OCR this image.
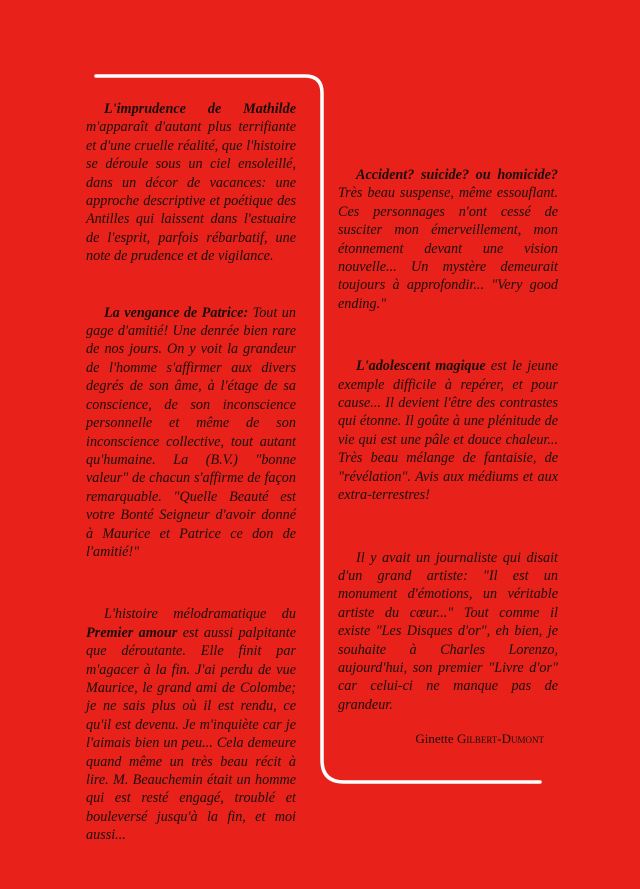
L'imprudence de Mathilde m'apparaît d'autant plus terrifiante et d'une cruelle réalité, que l'histoire se déroule sous un ciel ensoleillé, dans un décor de vacances: une approche descriptive et poétique des Antilles qui laissent dans l'estuaire de l'esprit, parfois rébarbatif, une note de prudence et de vigilance.

La vengance de Patrice: Tout un gage d'amitié! Une denrée bien rare de nos jours. On y voit la grandeur de l'homme s'affirmer aux divers degrés de son âme, à l'étage de sa conscience, de son inconscience personnelle et même de son inconscience collective, tout autant qu'humaine. La (B.V.) "bonne valeur" de chacun s'affirme de façon remarquable. "Quelle Beauté est votre Bonté Seigneur d'avoir donné à Maurice et Patrice ce don de l'amitié!"

L'histoire mélodramatique du Premier amour est aussi palpitante que déroutante. Elle finit par m'agacer à la fin. J'ai perdu de vue Maurice, le grand ami de Colombe; je ne sais plus où il est rendu, ce qu'il est devenu. Je m'inquiète car je l'aimais bien un peu... Cela demeure quand même un très beau récit à lire. M. Beauchemin était un homme qui est resté engagé, troublé et bouleversé jusqu'à la fin, et moi aussi...

Accident? suicide? ou homicide? Très beau suspense, même essouflant. Ces personnages n'ont cessé de susciter mon émerveillement, mon étonnement devant une vision nouvelle... Un mystère demeurait toujours à approfondir... "Very good ending."

L'adolescent magique est le jeune exemple difficile à repérer, et pour cause... Il devient l'être des contrastes qui étonne. Il goûte à une plénitude de vie qui est une pâle et douce chaleur... Très beau mélange de fantaisie, de "révélation". Avis aux médiums et aux extra-terrestres!

Il y avait un journaliste qui disait d'un grand artiste: "Il est un monument d'émotions, un véritable artiste du cœur..." Tout comme il existe "Les Disques d'or", eh bien, je souhaite à Charles Lorenzo, aujourd'hui, son premier "Livre d'or" car celui-ci ne manque pas de grandeur.

Ginette Gilbert-Dumont
